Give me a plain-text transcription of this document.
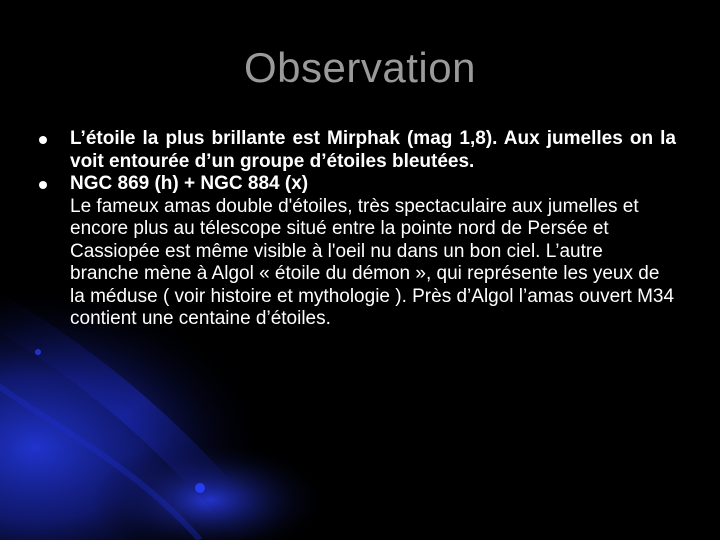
Observation
L’étoile la plus brillante est Mirphak (mag 1,8). Aux jumelles on la voit entourée d’un groupe d’étoiles bleutées.
NGC 869 (h) + NGC 884 (x)
Le fameux amas double d'étoiles, très spectaculaire aux jumelles et encore plus au télescope situé entre la pointe nord de Persée et Cassiopée est même visible à l'oeil nu dans un bon ciel. L’autre branche mène à Algol « étoile du démon », qui représente les yeux de la méduse ( voir histoire et mythologie ). Près d’Algol l’amas ouvert M34 contient une centaine d’étoiles.
